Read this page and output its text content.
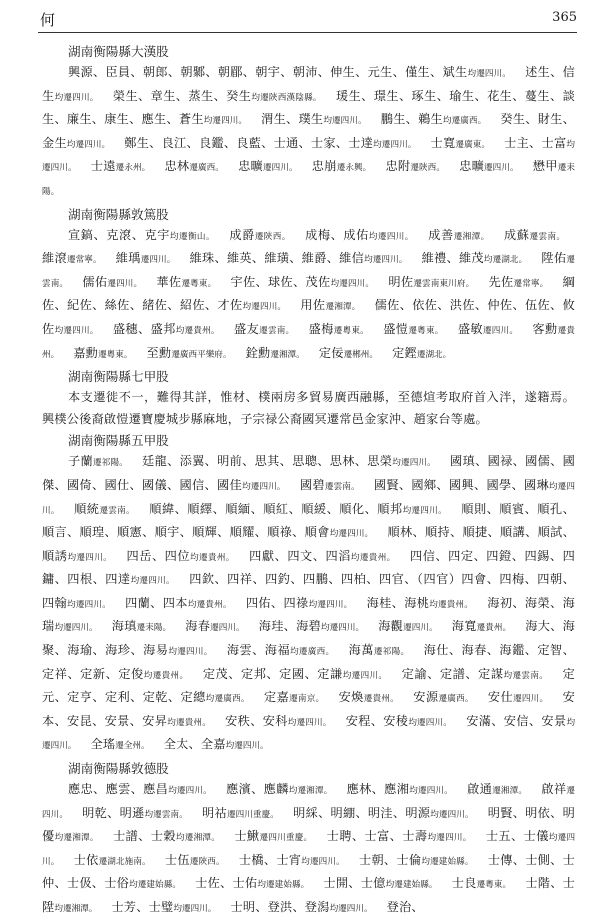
何	365

湖南衡陽縣大漢股

興源、臣員、朝郎、朝鄹、朝郿、朝宇、朝沛、伸生、元生、僅生、斌生均遷四川。 述生、信生均遷四川。 榮生、章生、蒸生、癸生均遷陝西漢陰縣。 瑗生、璟生、琢生、瑜生、花生、蔓生、談生、廉生、康生、應生、蒼生均遷四川。 渭生、璞生均遷四川。 鵬生、鵜生均遷廣西。 癸生、財生、金生均遷四川。 鄭生、良江、良鑑、良藍、士通、士家、士達均遷四川。 士寬遷廣東。 士主、士富均遷四川。 士遠遷永州。 忠林遷廣西。 忠曠遷四川。 忠崩遷永興。 忠附遷陝西。 忠曠遷四川。 懋甲遷耒陽。

湖南衡陽縣敦篤股

宣鎬、克滾、克宇均遷衡山。 成爵遷陝西。 成梅、成佑均遷四川。 成善遷湘潭。 成蘇遷雲南。 維滾遷常寧。 維瑀遷四川。 維珠、維英、維璜、維爵、維信均遷四川。 維禮、維茂均遷湖北。 陞佑遷雲南。 儒佑遷四川。 華佐遷粵東。 宇佐、球佐、茂佐均遷四川。 明佐遷雲南東川府。 先佐遷常寧。 綱佐、紀佐、絲佐、緒佐、紹佐、才佐均遷四川。 用佐遷湘潭。 儒佐、依佐、洪佐、仲佐、伍佐、攸佐均遷四川。 盛穗、盛邦均遷貴州。 盛友遷雲南。 盛梅遷粵東。 盛愷遷粵東。 盛敏遷四川。 客勳遷貴州。 嘉勳遷粵東。 至勳遷廣西平樂府。 銓勳遷湘潭。 定佞遷郴州。 定鏗遷湖北。

湖南衡陽縣七甲股

本支遷徙不一，難得其詳，惟材、樸兩房多貿易廣西融縣，至德煊考取府首入泮，遂籍焉。興樸公後裔啟愷遷寶慶城步縣麻地，子宗禄公裔國冥遷常邑金家沖、趙家台等處。

湖南衡陽縣五甲股

子蘭遷祁陽。 廷龍、添翼、明前、思其、思聰、思林、思榮均遷四川。 國瑱、國禄、國儒、國傑、國倚、國仕、國儀、國信、國佳均遷四川。 國碧遷雲南。 國賢、國鄉、國興、國學、國琳均遷四川。 順統遷雲南。 順緯、順繹、順緬、順紅、順緩、順化、順邦均遷四川。 順則、順賓、順孔、順言、順瑝、順憲、順宇、順輝、順耀、順祿、順會均遷四川。 順林、順持、順捷、順講、順試、順誘均遷四川。 四岳、四位均遷貴州。 四獻、四文、四滔均遷貴州。 四信、四定、四鐙、四錫、四鏞、四根、四達均遷四川。 四欽、四祥、四釣、四鵬、四柏、四官、（四官）四會、四梅、四朝、四翰均遷四川。 四蘭、四本均遷貴州。 四佑、四祿均遷四川。 海桂、海桃均遷貴州。 海初、海榮、海瑞均遷四川。 海瑱遷耒陽。 海春遷四川。 海珪、海碧均遷四川。 海觀遷四川。 海寬遷貴州。 海大、海聚、海瑜、海珍、海易均遷四川。 海雲、海福均遷廣西。 海萬遷祁陽。 海仕、海春、海鑑、定智、定祥、定新、定俊均遷貴州。 定茂、定邦、定國、定謙均遷四川。 定諭、定譜、定謀均遷雲南。 定元、定亨、定利、定乾、定總均遷廣西。 定嘉遷南京。 安煥遷貴州。 安源遷廣西。 安仕遷四川。 安本、安昆、安景、安昇均遷貴州。 安秩、安科均遷四川。 安程、安稜均遷四川。 安滿、安信、安景均遷四川。 全瑤遷全州。 全太、全嘉均遷四川。

湖南衡陽縣敦德股

應忠、應雲、應昌均遷四川。 應濱、應麟均遷湘潭。 應林、應湘均遷四川。 啟通遷湘潭。 啟祥遷四川。 明乾、明遜均遷雲南。 明祜遷四川重慶。 明綵、明綳、明洼、明源均遷四川。 明賢、明依、明優均遷湘潭。 士譜、士穀均遷湘潭。 士鰍遷四川重慶。 士聘、士富、士壽均遷四川。 士五、士儀均遷四川。 士依遷湖北施南。 士伍遷陝西。 士橋、士宵均遷四川。 士朝、士倫均遷建始縣。 士傳、士側、士仲、士伋、士俗均遷建始縣。 士佐、士佑均遷建始縣。 士開、士億均遷建始縣。 士良遷粵東。 士階、士陞均遷湘潭。 士芳、士璧均遷四川。 士明、登洪、登潟均遷四川。 登治、
